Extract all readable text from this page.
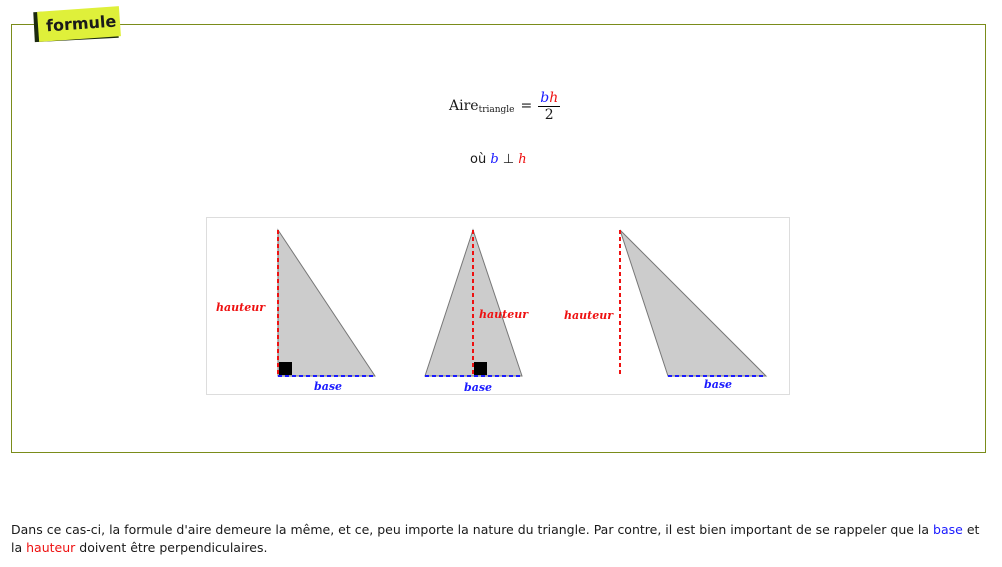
formule
Aire triangle = $\frac{bh}{2}$
où b ⊥ h
hauteur
base
hauteur
base
hauteur
base
Dans ce cas-ci, la formule d'aire demeure la même, et ce, peu importe la nature du triangle. Par contre, il est bien important de se rappeler que la base et la hauteur doivent être perpendiculaires.
